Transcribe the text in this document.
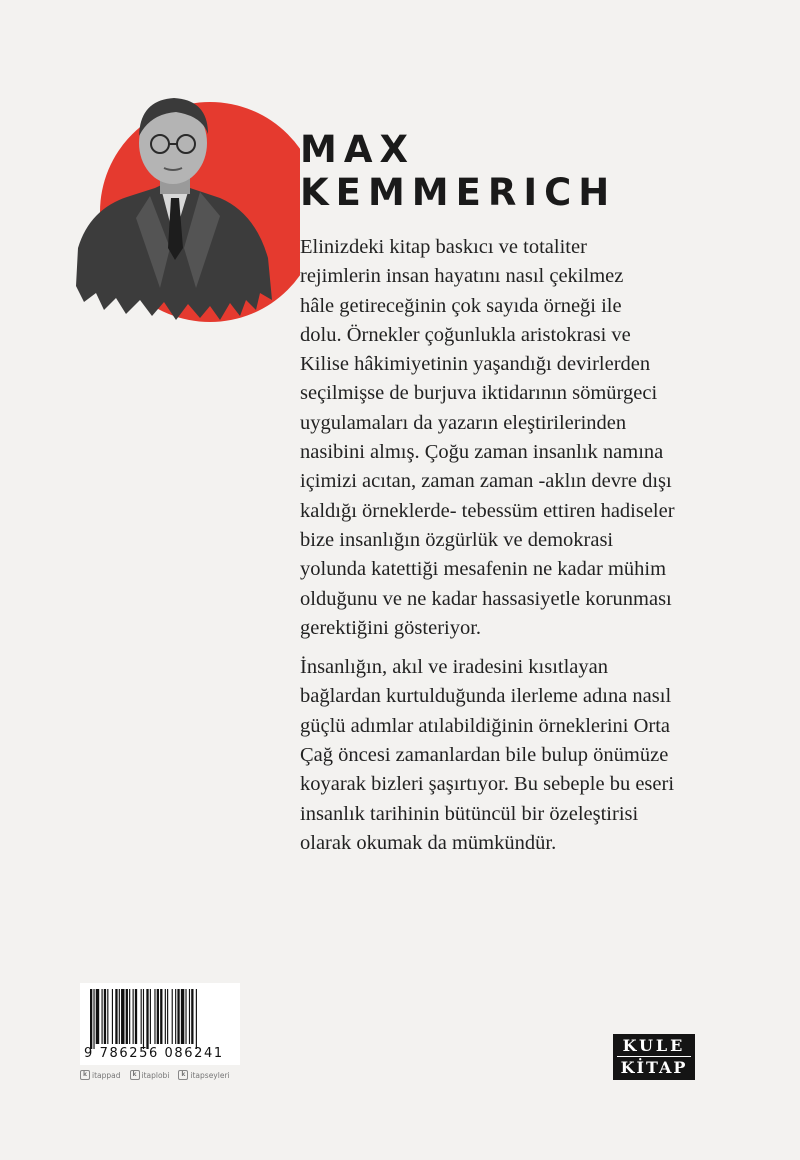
MAX
KEMMERICH
Elinizdeki kitap baskıcı ve totaliter
rejimlerin insan hayatını nasıl çekilmez
hâle getireceğinin çok sayıda örneği ile
dolu. Örnekler çoğunlukla aristokrasi ve
Kilise hâkimiyetinin yaşandığı devirlerden
seçilmişse de burjuva iktidarının sömürgeci
uygulamaları da yazarın eleştirilerinden
nasibini almış. Çoğu zaman insanlık namına
içimizi acıtan, zaman zaman -aklın devre dışı
kaldığı örneklerde- tebessüm ettiren hadiseler
bize insanlığın özgürlük ve demokrasi
yolunda katettiği mesafenin ne kadar mühim
olduğunu ve ne kadar hassasiyetle korunması
gerektiğini gösteriyor.
İnsanlığın, akıl ve iradesini kısıtlayan
bağlardan kurtulduğunda ilerleme adına nasıl
güçlü adımlar atılabildiğinin örneklerini Orta
Çağ öncesi zamanlardan bile bulup önümüze
koyarak bizleri şaşırtıyor. Bu sebeple bu eseri
insanlık tarihinin bütüncül bir özeleştirisi
olarak okumak da mümkündür.
9 786256 086241
k itappad	k itaplobi	k itapseyleri
KULE
KİTAP
